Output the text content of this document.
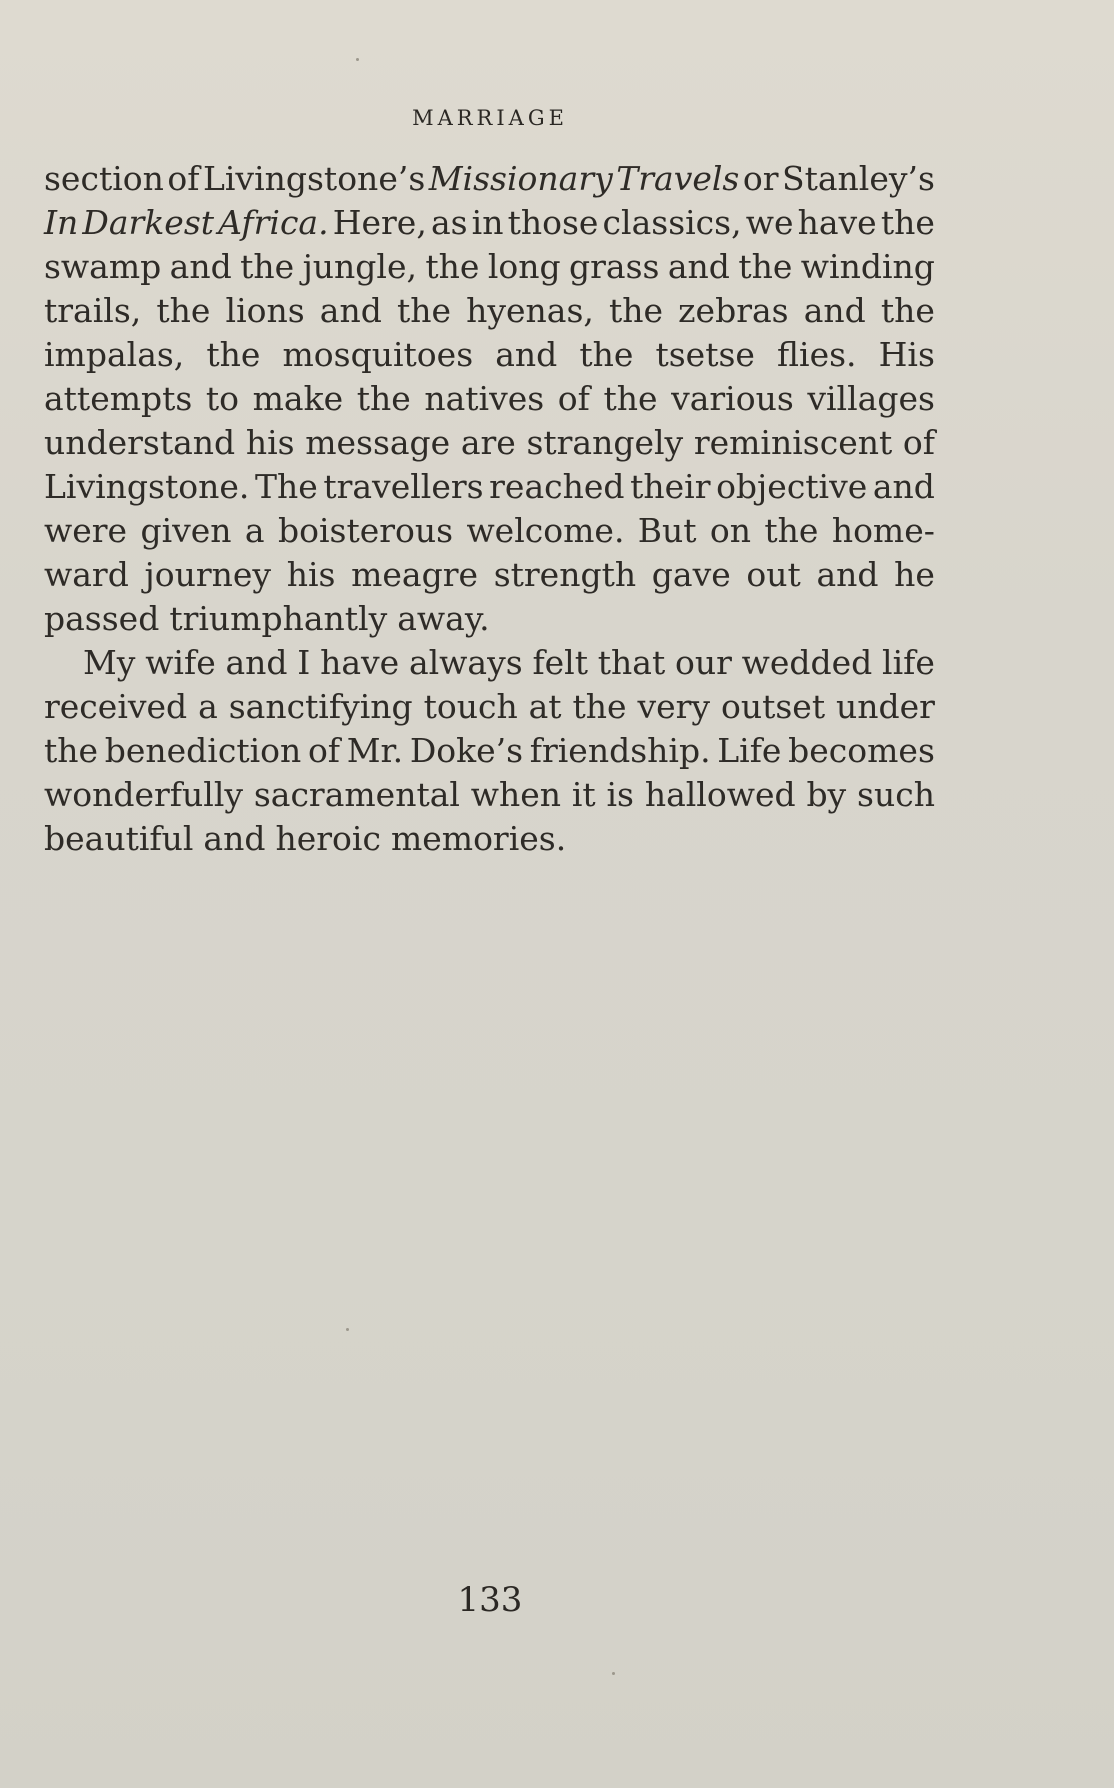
MARRIAGE
section of Livingstone’s Missionary Travels or Stanley’s
In Darkest Africa. Here, as in those classics, we have the
swamp and the jungle, the long grass and the winding
trails, the lions and the hyenas, the zebras and the
impalas, the mosquitoes and the tsetse flies. His
attempts to make the natives of the various villages
understand his message are strangely reminiscent of
Livingstone. The travellers reached their objective and
were given a boisterous welcome. But on the home-
ward journey his meagre strength gave out and he
passed triumphantly away.
My wife and I have always felt that our wedded life
received a sanctifying touch at the very outset under
the benediction of Mr. Doke’s friendship. Life becomes
wonderfully sacramental when it is hallowed by such
beautiful and heroic memories.
133
